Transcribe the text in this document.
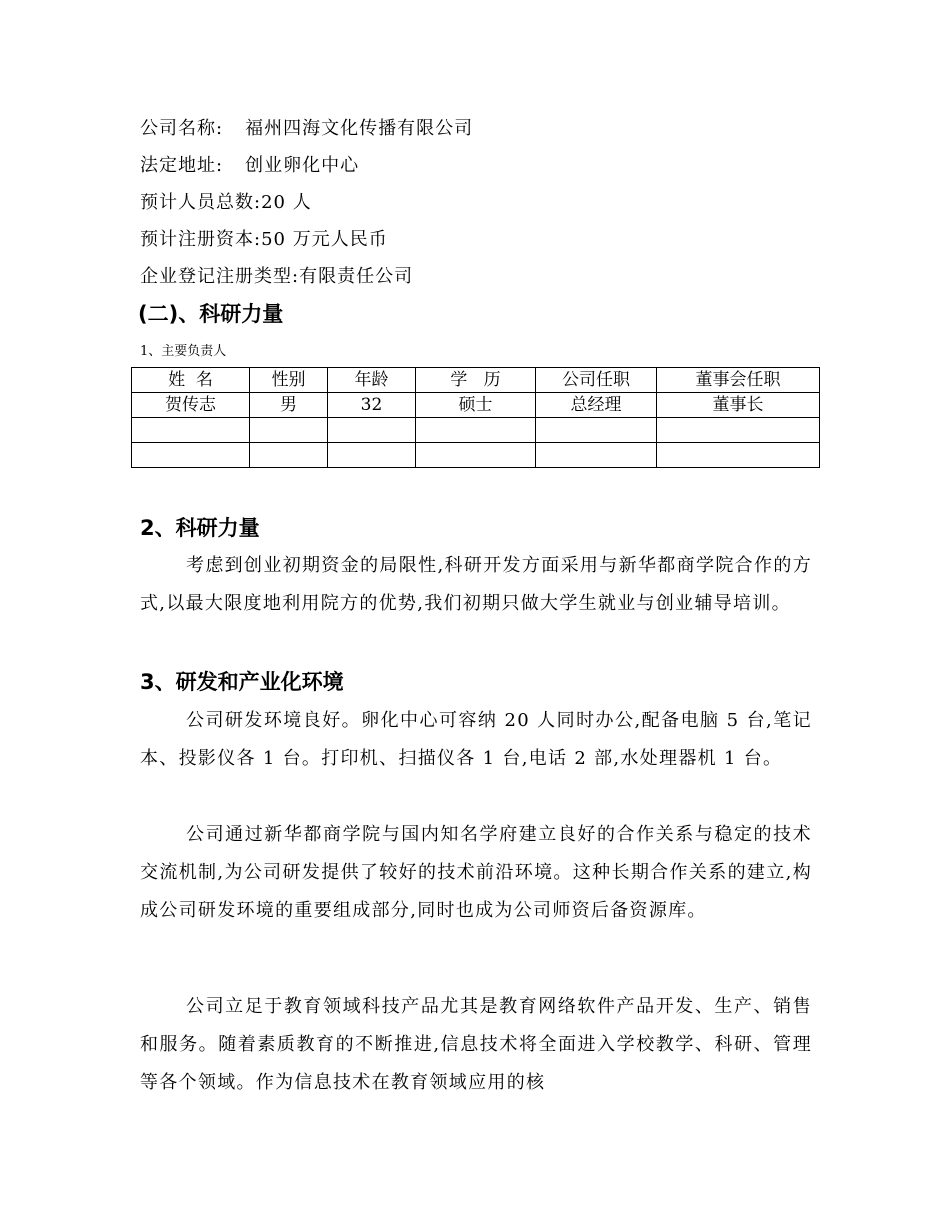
公司名称: 福州四海文化传播有限公司
法定地址: 创业卵化中心
预计人员总数:20 人
预计注册资本:50 万元人民币
企业登记注册类型:有限责任公司
(二)、科研力量
1、主要负责人
姓  名	性别	年龄	学   历	公司任职	董事会任职
贺传志	男	32	硕士	总经理	董事长

2、科研力量
考虑到创业初期资金的局限性,科研开发方面采用与新华都商学院合作的方式,以最大限度地利用院方的优势,我们初期只做大学生就业与创业辅导培训。
3、研发和产业化环境
公司研发环境良好。卵化中心可容纳 20 人同时办公,配备电脑 5 台,笔记本、投影仪各 1 台。打印机、扫描仪各 1 台,电话 2 部,水处理器机 1 台。
公司通过新华都商学院与国内知名学府建立良好的合作关系与稳定的技术交流机制,为公司研发提供了较好的技术前沿环境。这种长期合作关系的建立,构成公司研发环境的重要组成部分,同时也成为公司师资后备资源库。
公司立足于教育领域科技产品尤其是教育网络软件产品开发、生产、销售和服务。随着素质教育的不断推进,信息技术将全面进入学校教学、科研、管理等各个领域。作为信息技术在教育领域应用的核
